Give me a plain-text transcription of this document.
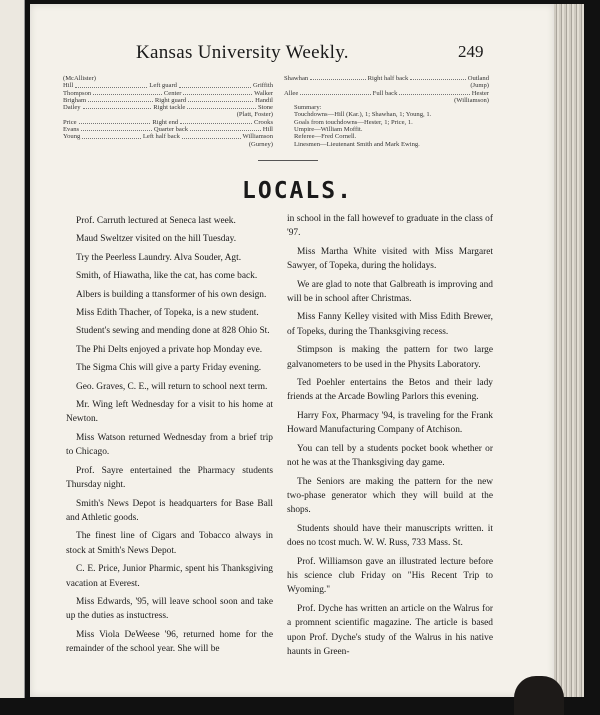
Kansas University Weekly.	249
(McAllister)
Hill	Left guard	Griffith
Thompson	Center	Walker
Brigham	Right guard	Handil
Dailey	Right tackle	Stone
(Platt, Foster)
Price	Right end	Crooks
Evans	Quarter back	Hill
Young	Left half back	Williamson
(Gurney)
Shawhan	Right half back	Outland
(Jump)
Allee	Full back	Hester
(Williamson)
Summary:
Touchdowns—Hill (Kar.), 1; Shawhan, 1; Young, 1.
Goals from touchdowns—Hester, 1; Price, 1.
Umpire—William Moffit.
Referee—Fred Cornell.
Linesmen—Lieutenant Smith and Mark Ewing.
LOCALS.

Prof. Carruth lectured at Seneca last week.

Maud Sweltzer visited on the hill Tuesday.

Try the Peerless Laundry. Alva Souder, Agt.

Smith, of Hiawatha, like the cat, has come back.

Albers is building a ttansformer of his own design.

Miss Edith Thacher, of Topeka, is a new student.

Student's sewing and mending done at 828 Ohio St.

The Phi Delts enjoyed a private hop Monday eve.

The Sigma Chis will give a party Friday evening.

Geo. Graves, C. E., will return to school next term.

Mr. Wing left Wednesday for a visit to his home at Newton.

Miss Watson returned Wednesday from a brief trip to Chicago.

Prof. Sayre entertained the Pharmacy students Thursday night.

Smith's News Depot is headquarters for Base Ball and Athletic goods.

The finest line of Cigars and Tobacco always in stock at Smith's News Depot.

C. E. Price, Junior Pharmic, spent his Thanksgiving vacation at Everest.

Miss Edwards, '95, will leave school soon and take up the duties as instuctress.

Miss Viola DeWeese '96, returned home for the remainder of the school year. She will be

in school in the fall howevef to graduate in the class of '97.

Miss Martha White visited with Miss Margaret Sawyer, of Topeka, during the holidays.

We are glad to note that Galbreath is improving and will be in school after Christmas.

Miss Fanny Kelley visited with Miss Edith Brewer, of Topeks, during the Thanksgiving recess.

Stimpson is making the pattern for two large galvanometers to be used in the Physits Laboratory.

Ted Poehler entertains the Betos and their lady friends at the Arcade Bowling Parlors this evening.

Harry Fox, Pharmacy '94, is traveling for the Frank Howard Manufacturing Company of Atchison.

You can tell by a students pocket book whether or not he was at the Thanksgiving day game.

The Seniors are making the pattern for the new two-phase generator which they will build at the shops.

Students should have their manuscripts written. it does no tcost much. W. W. Russ, 733 Mass. St.

Prof. Williamson gave an illustrated lecture before his science club Friday on "His Recent Trip to Wyoming."

Prof. Dyche has written an article on the Walrus for a promnent scientific magazine. The article is based upon Prof. Dyche's study of the Walrus in his native haunts in Green-
